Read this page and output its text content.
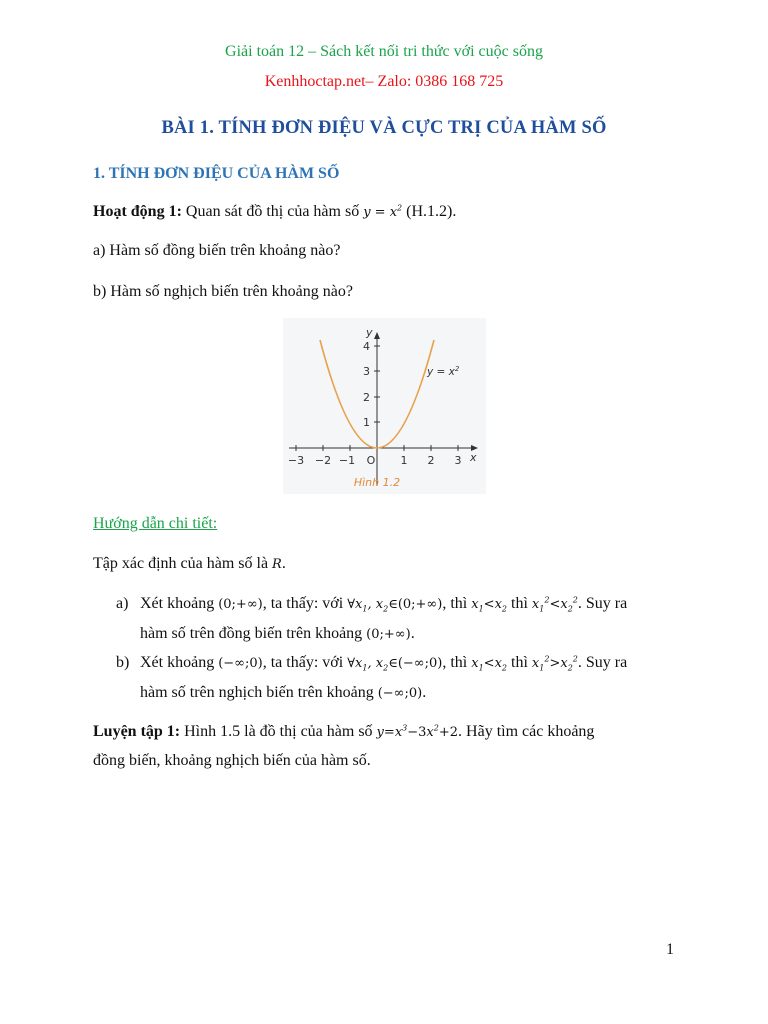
Giải toán 12 – Sách kết nối tri thức với cuộc sống
Kenhhoctap.net– Zalo: 0386 168 725
BÀI 1. TÍNH ĐƠN ĐIỆU VÀ CỰC TRỊ CỦA HÀM SỐ
1. TÍNH ĐƠN ĐIỆU CỦA HÀM SỐ
Hoạt động 1: Quan sát đồ thị của hàm số $y = x^2$ (H.1.2).
a) Hàm số đồng biến trên khoảng nào?
b) Hàm số nghịch biến trên khoảng nào?
−3 −2 −1 O 1 2 3
1
2
3
4
x
y
$y = x^2$
Hình 1.2
Hướng dẫn chi tiết:
Tập xác định của hàm số là R.
a) Xét khoảng (0;+∞), ta thấy: với $\forall x_1$, $x_2\in(0;+\infty)$, thì $x_1<x_2$ thì $x_1^2<x_2^2$. Suy ra
hàm số trên đồng biến trên khoảng (0;+∞).
b) Xét khoảng (−∞;0), ta thấy: với $\forall x_1$, $x_2\in(-\infty;0)$, thì $x_1<x_2$ thì $x_1^2>x_2^2$. Suy ra
hàm số trên nghịch biến trên khoảng (−∞;0).
Luyện tập 1: Hình 1.5 là đồ thị của hàm số $y=x^3-3x^2+2$. Hãy tìm các khoảng
đồng biến, khoảng nghịch biến của hàm số.
1
